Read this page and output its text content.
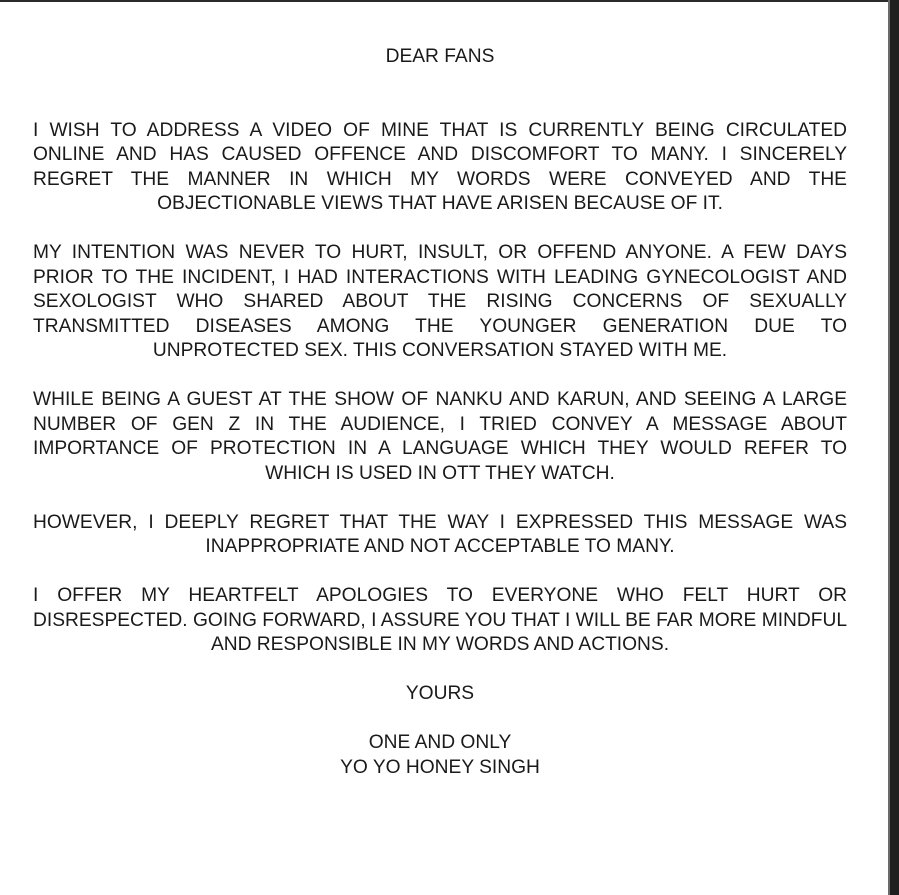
DEAR FANS
I WISH TO ADDRESS A VIDEO OF MINE THAT IS CURRENTLY BEING CIRCULATED ONLINE AND HAS CAUSED OFFENCE AND DISCOMFORT TO MANY. I SINCERELY REGRET THE MANNER IN WHICH MY WORDS WERE CONVEYED AND THE OBJECTIONABLE VIEWS THAT HAVE ARISEN BECAUSE OF IT.
MY INTENTION WAS NEVER TO HURT, INSULT, OR OFFEND ANYONE. A FEW DAYS PRIOR TO THE INCIDENT, I HAD INTERACTIONS WITH LEADING GYNECOLOGIST AND SEXOLOGIST WHO SHARED ABOUT THE RISING CONCERNS OF SEXUALLY TRANSMITTED DISEASES AMONG THE YOUNGER GENERATION DUE TO UNPROTECTED SEX. THIS CONVERSATION STAYED WITH ME.
WHILE BEING A GUEST AT THE SHOW OF NANKU AND KARUN, AND SEEING A LARGE NUMBER OF GEN Z IN THE AUDIENCE, I TRIED CONVEY A MESSAGE ABOUT IMPORTANCE OF PROTECTION IN A LANGUAGE WHICH THEY WOULD REFER TO WHICH IS USED IN OTT THEY WATCH.
HOWEVER, I DEEPLY REGRET THAT THE WAY I EXPRESSED THIS MESSAGE WAS INAPPROPRIATE AND NOT ACCEPTABLE TO MANY.
I OFFER MY HEARTFELT APOLOGIES TO EVERYONE WHO FELT HURT OR DISRESPECTED. GOING FORWARD, I ASSURE YOU THAT I WILL BE FAR MORE MINDFUL AND RESPONSIBLE IN MY WORDS AND ACTIONS.
YOURS
ONE AND ONLY
YO YO HONEY SINGH
